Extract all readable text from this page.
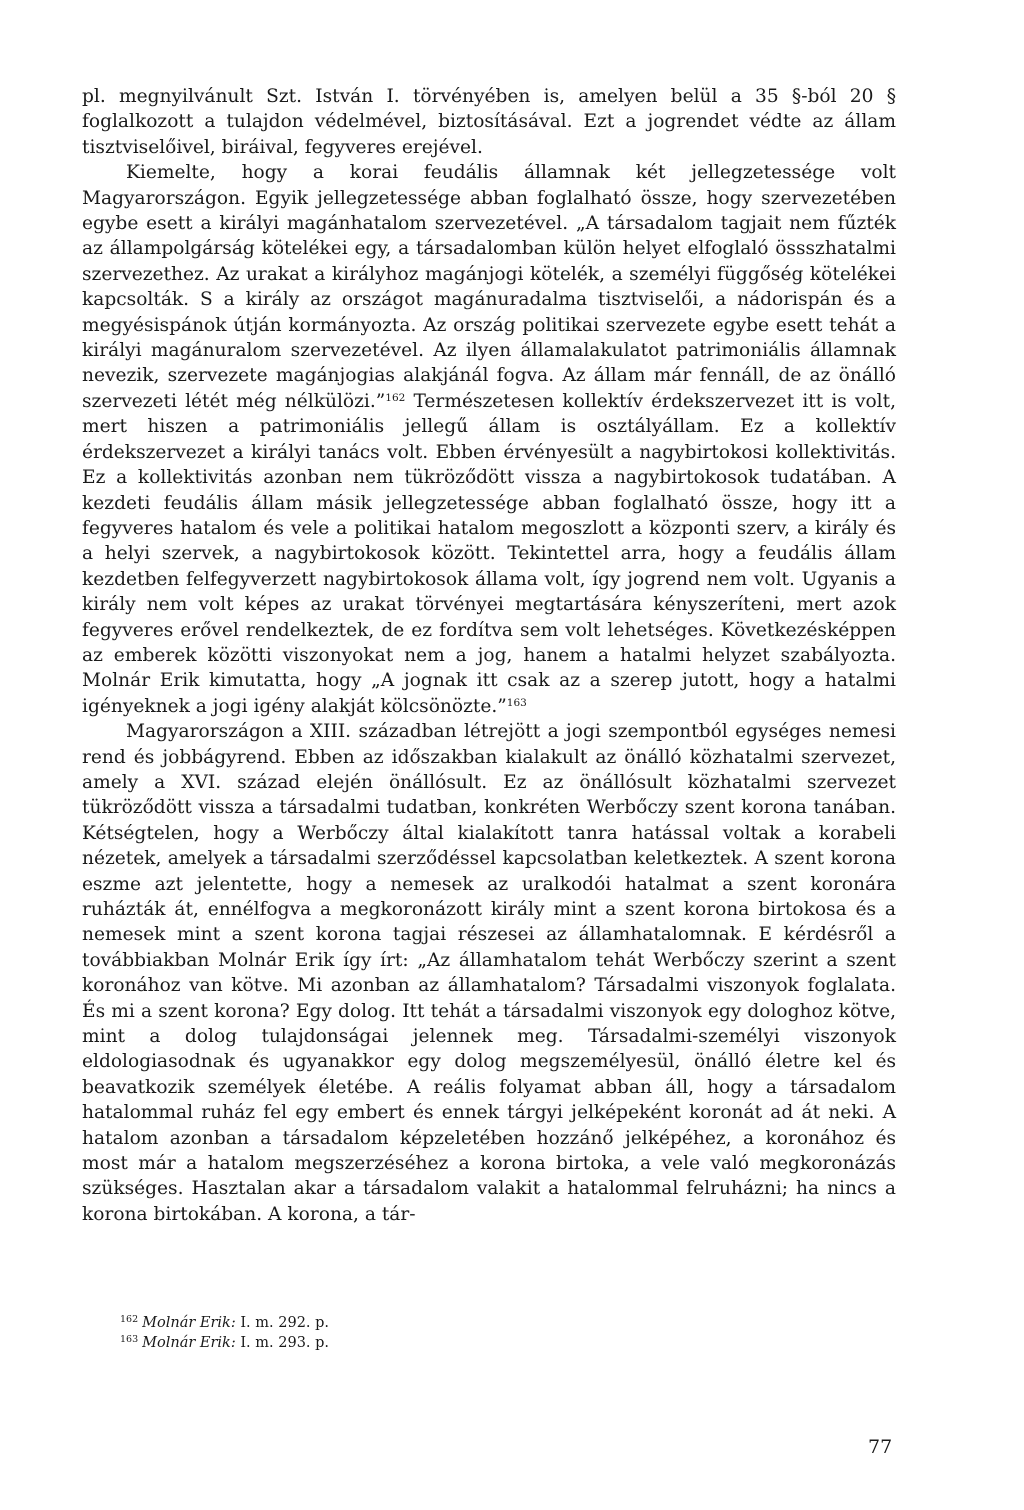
pl. megnyilvánult Szt. István I. törvényében is, amelyen belül a 35 §-ból 20 § foglalkozott a tulajdon védelmével, biztosításával. Ezt a jogrendet védte az állam tisztviselőivel, biráival, fegyveres erejével.

Kiemelte, hogy a korai feudális államnak két jellegzetessége volt Magyarországon. Egyik jellegzetessége abban foglalható össze, hogy szervezetében egybe esett a királyi magánhatalom szervezetével. „A társadalom tagjait nem fűzték az állampolgárság kötelékei egy, a társadalomban külön helyet elfoglaló össszhatalmi szervezethez. Az urakat a királyhoz magánjogi kötelék, a személyi függőség kötelékei kapcsolták. S a király az országot magánuradalma tisztviselői, a nádorispán és a megyésispánok útján kormányozta. Az ország politikai szervezete egybe esett tehát a királyi magánuralom szervezetével. Az ilyen államalakulatot patrimoniális államnak nevezik, szervezete magánjogias alakjánál fogva. Az állam már fennáll, de az önálló szervezeti létét még nélkülözi.”$^{162}$ Természetesen kollektív érdekszervezet itt is volt, mert hiszen a patrimoniális jellegű állam is osztályállam. Ez a kollektív érdekszervezet a királyi tanács volt. Ebben érvényesült a nagybirtokosi kollektivitás. Ez a kollektivitás azonban nem tükröződött vissza a nagybirtokosok tudatában. A kezdeti feudális állam másik jellegzetessége abban foglalható össze, hogy itt a fegyveres hatalom és vele a politikai hatalom megoszlott a központi szerv, a király és a helyi szervek, a nagybirtokosok között. Tekintettel arra, hogy a feudális állam kezdetben felfegyverzett nagybirtokosok állama volt, így jogrend nem volt. Ugyanis a király nem volt képes az urakat törvényei megtartására kényszeríteni, mert azok fegyveres erővel rendelkeztek, de ez fordítva sem volt lehetséges. Következésképpen az emberek közötti viszonyokat nem a jog, hanem a hatalmi helyzet szabályozta. Molnár Erik kimutatta, hogy „A jognak itt csak az a szerep jutott, hogy a hatalmi igényeknek a jogi igény alakját kölcsönözte.”$^{163}$

Magyarországon a XIII. században létrejött a jogi szempontból egységes nemesi rend és jobbágyrend. Ebben az időszakban kialakult az önálló közhatalmi szervezet, amely a XVI. század elején önállósult. Ez az önállósult közhatalmi szervezet tükröződött vissza a társadalmi tudatban, konkréten Werbőczy szent korona tanában. Kétségtelen, hogy a Werbőczy által kialakított tanra hatással voltak a korabeli nézetek, amelyek a társadalmi szerződéssel kapcsolatban keletkeztek. A szent korona eszme azt jelentette, hogy a nemesek az uralkodói hatalmat a szent koronára ruházták át, ennélfogva a megkoronázott király mint a szent korona birtokosa és a nemesek mint a szent korona tagjai részesei az államhatalomnak. E kérdésről a továbbiakban Molnár Erik így írt: „Az államhatalom tehát Werbőczy szerint a szent koronához van kötve. Mi azonban az államhatalom? Társadalmi viszonyok foglalata. És mi a szent korona? Egy dolog. Itt tehát a társadalmi viszonyok egy dologhoz kötve, mint a dolog tulajdonságai jelennek meg. Társadalmi-személyi viszonyok eldologiasodnak és ugyanakkor egy dolog megszemélyesül, önálló életre kel és beavatkozik személyek életébe. A reális folyamat abban áll, hogy a társadalom hatalommal ruház fel egy embert és ennek tárgyi jelképeként koronát ad át neki. A hatalom azonban a társadalom képzeletében hozzánő jelképéhez, a koronához és most már a hatalom megszerzéséhez a korona birtoka, a vele való megkoronázás szükséges. Hasztalan akar a társadalom valakit a hatalommal felruházni; ha nincs a korona birtokában. A korona, a tár-

$^{162}$ Molnár Erik: I. m. 292. p.

$^{163}$ Molnár Erik: I. m. 293. p.

77
